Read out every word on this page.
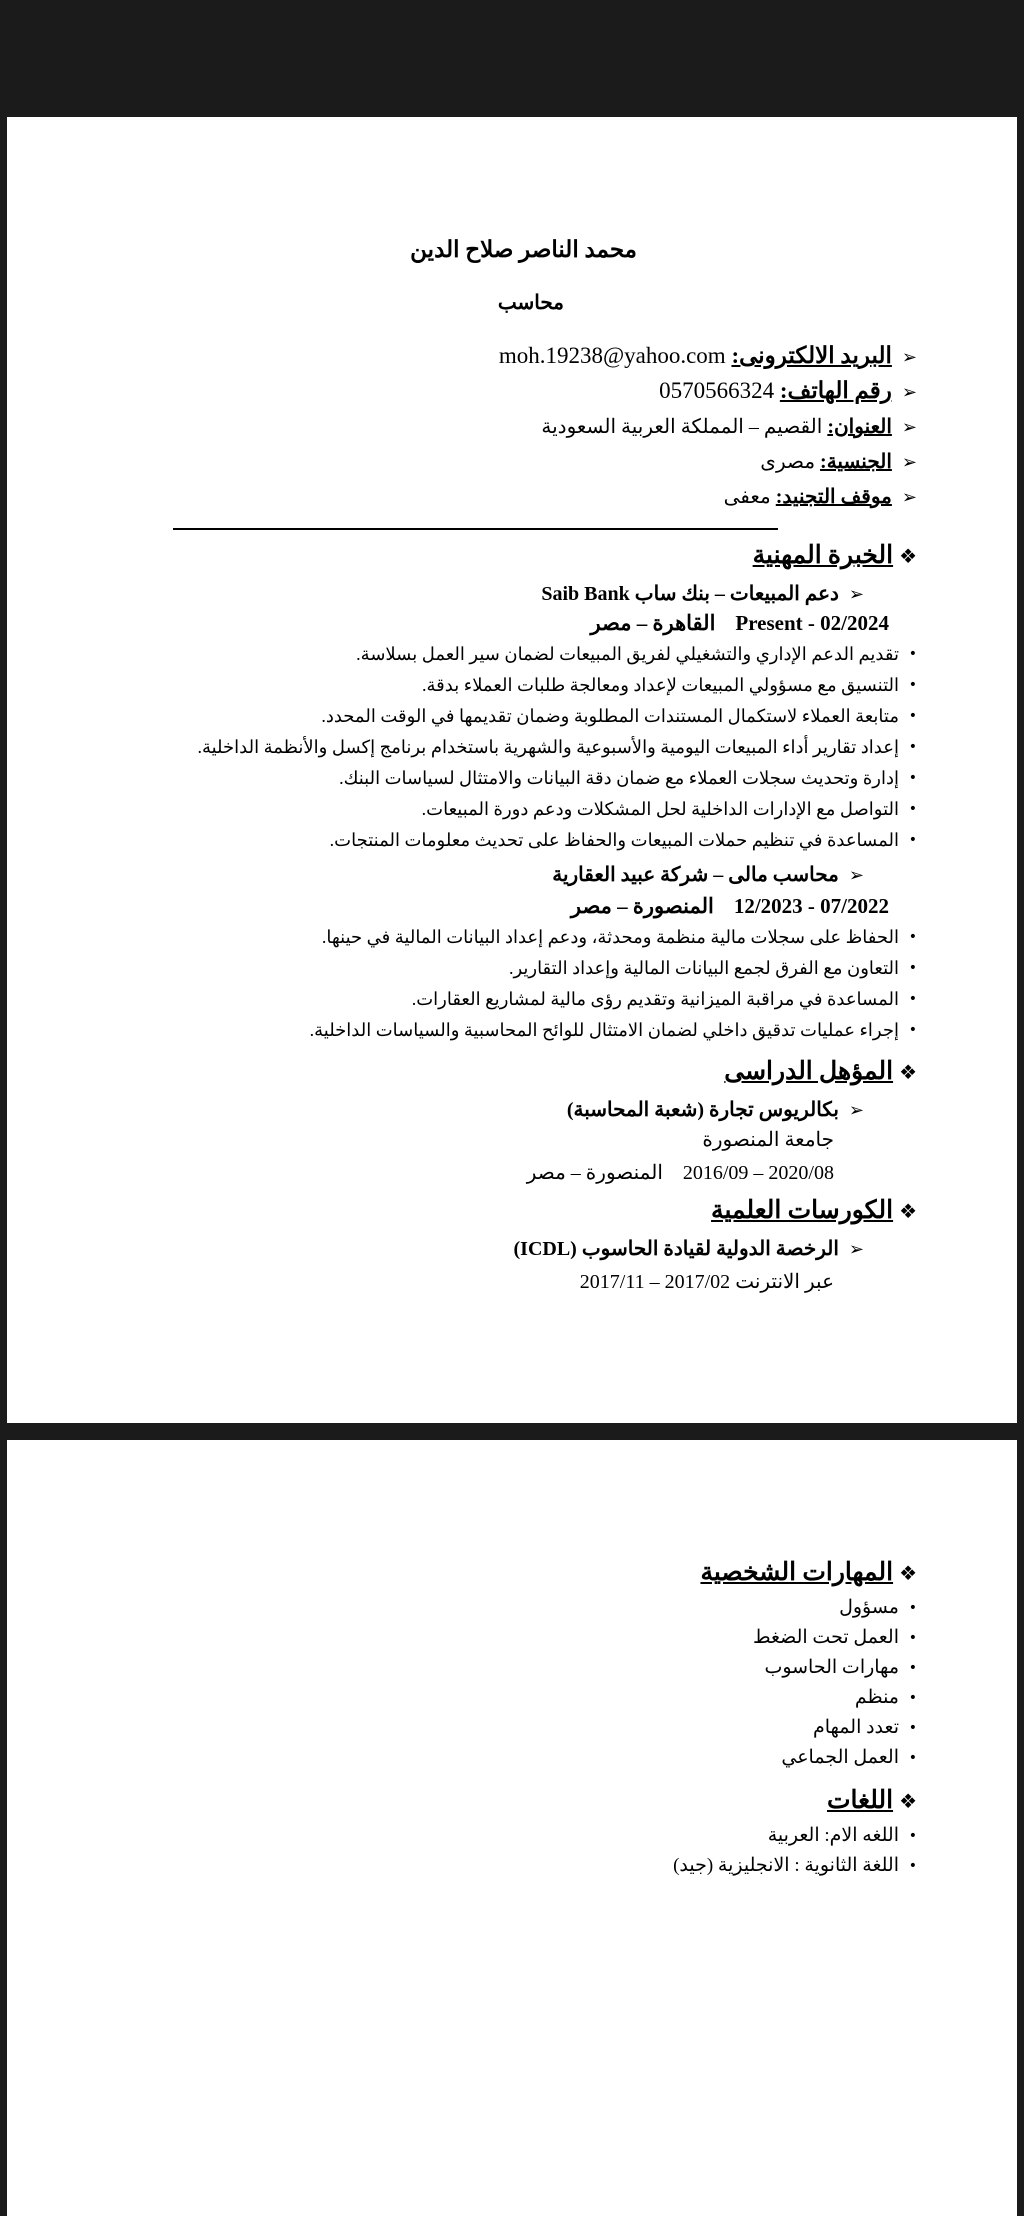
محمد الناصر صلاح الدين
محاسب
➢البريد الالكترونى: moh.19238@yahoo.com
➢رقم الهاتف: 0570566324
➢العنوان: القصيم – المملكة العربية السعودية
➢الجنسية: مصرى
➢موقف التجنيد: معفى
❖الخبرة المهنية
➢دعم المبيعات – بنك ساب Saib Bank
Present - 02/2024القاهرة – مصر
• تقديم الدعم الإداري والتشغيلي لفريق المبيعات لضمان سير العمل بسلاسة.
• التنسيق مع مسؤولي المبيعات لإعداد ومعالجة طلبات العملاء بدقة.
• متابعة العملاء لاستكمال المستندات المطلوبة وضمان تقديمها في الوقت المحدد.
• إعداد تقارير أداء المبيعات اليومية والأسبوعية والشهرية باستخدام برنامج إكسل والأنظمة الداخلية.
• إدارة وتحديث سجلات العملاء مع ضمان دقة البيانات والامتثال لسياسات البنك.
• التواصل مع الإدارات الداخلية لحل المشكلات ودعم دورة المبيعات.
• المساعدة في تنظيم حملات المبيعات والحفاظ على تحديث معلومات المنتجات.
➢محاسب مالى – شركة عبيد العقارية
12/2023 - 07/2022المنصورة – مصر
• الحفاظ على سجلات مالية منظمة ومحدثة، ودعم إعداد البيانات المالية في حينها.
• التعاون مع الفرق لجمع البيانات المالية وإعداد التقارير.
• المساعدة في مراقبة الميزانية وتقديم رؤى مالية لمشاريع العقارات.
• إجراء عمليات تدقيق داخلي لضمان الامتثال للوائح المحاسبية والسياسات الداخلية.
❖المؤهل الدراسى
➢بكالريوس تجارة (شعبة المحاسبة)
جامعة المنصورة
2016/09 – 2020/08المنصورة – مصر
❖الكورسات العلمية
➢الرخصة الدولية لقيادة الحاسوب (ICDL)
عبر الانترنت 2017/02 – 2017/11
❖المهارات الشخصية
• مسؤول
• العمل تحت الضغط
• مهارات الحاسوب
• منظم
• تعدد المهام
• العمل الجماعي
❖اللغات
• اللغه الام: العربية
• اللغة الثانوية : الانجليزية (جيد)
